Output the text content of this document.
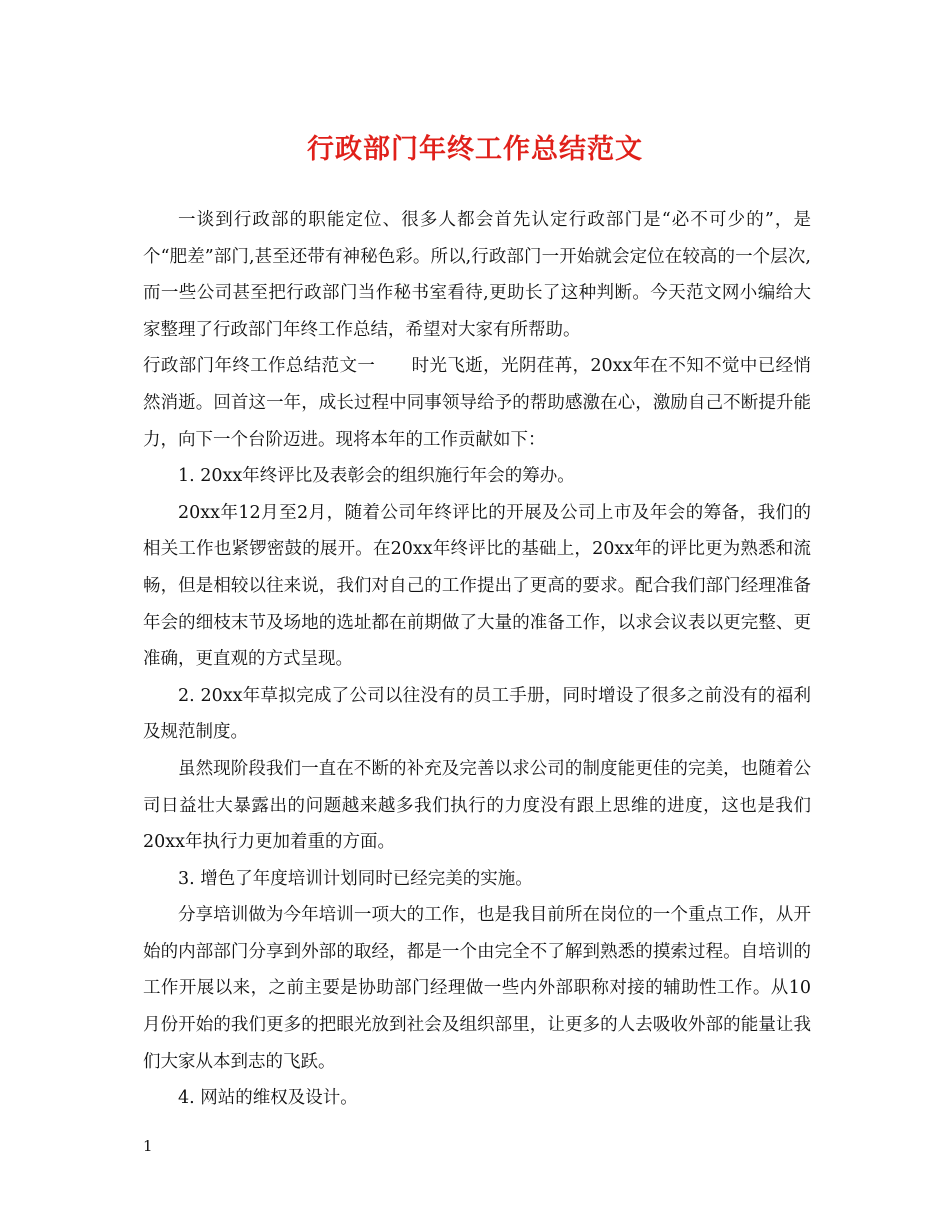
行政部门年终工作总结范文

一谈到行政部的职能定位、很多人都会首先认定行政部门是“必不可少的”，是个“肥差”部门,甚至还带有神秘色彩。所以,行政部门一开始就会定位在较高的一个层次,而一些公司甚至把行政部门当作秘书室看待,更助长了这种判断。今天范文网小编给大家整理了行政部门年终工作总结，希望对大家有所帮助。

行政部门年终工作总结范文一 时光飞逝，光阴荏苒，20xx年在不知不觉中已经悄然消逝。回首这一年，成长过程中同事领导给予的帮助感激在心，激励自己不断提升能力，向下一个台阶迈进。现将本年的工作贡献如下：

1. 20xx年终评比及表彰会的组织施行年会的筹办。

20xx年12月至2月，随着公司年终评比的开展及公司上市及年会的筹备，我们的相关工作也紧锣密鼓的展开。在20xx年终评比的基础上，20xx年的评比更为熟悉和流畅，但是相较以往来说，我们对自己的工作提出了更高的要求。配合我们部门经理准备年会的细枝末节及场地的选址都在前期做了大量的准备工作，以求会议表以更完整、更准确，更直观的方式呈现。

2. 20xx年草拟完成了公司以往没有的员工手册，同时增设了很多之前没有的福利及规范制度。

虽然现阶段我们一直在不断的补充及完善以求公司的制度能更佳的完美，也随着公司日益壮大暴露出的问题越来越多我们执行的力度没有跟上思维的进度，这也是我们20xx年执行力更加着重的方面。

3. 增色了年度培训计划同时已经完美的实施。

分享培训做为今年培训一项大的工作，也是我目前所在岗位的一个重点工作，从开始的内部部门分享到外部的取经，都是一个由完全不了解到熟悉的摸索过程。自培训的工作开展以来，之前主要是协助部门经理做一些内外部职称对接的辅助性工作。从10月份开始的我们更多的把眼光放到社会及组织部里，让更多的人去吸收外部的能量让我们大家从本到志的飞跃。

4. 网站的维权及设计。

1
